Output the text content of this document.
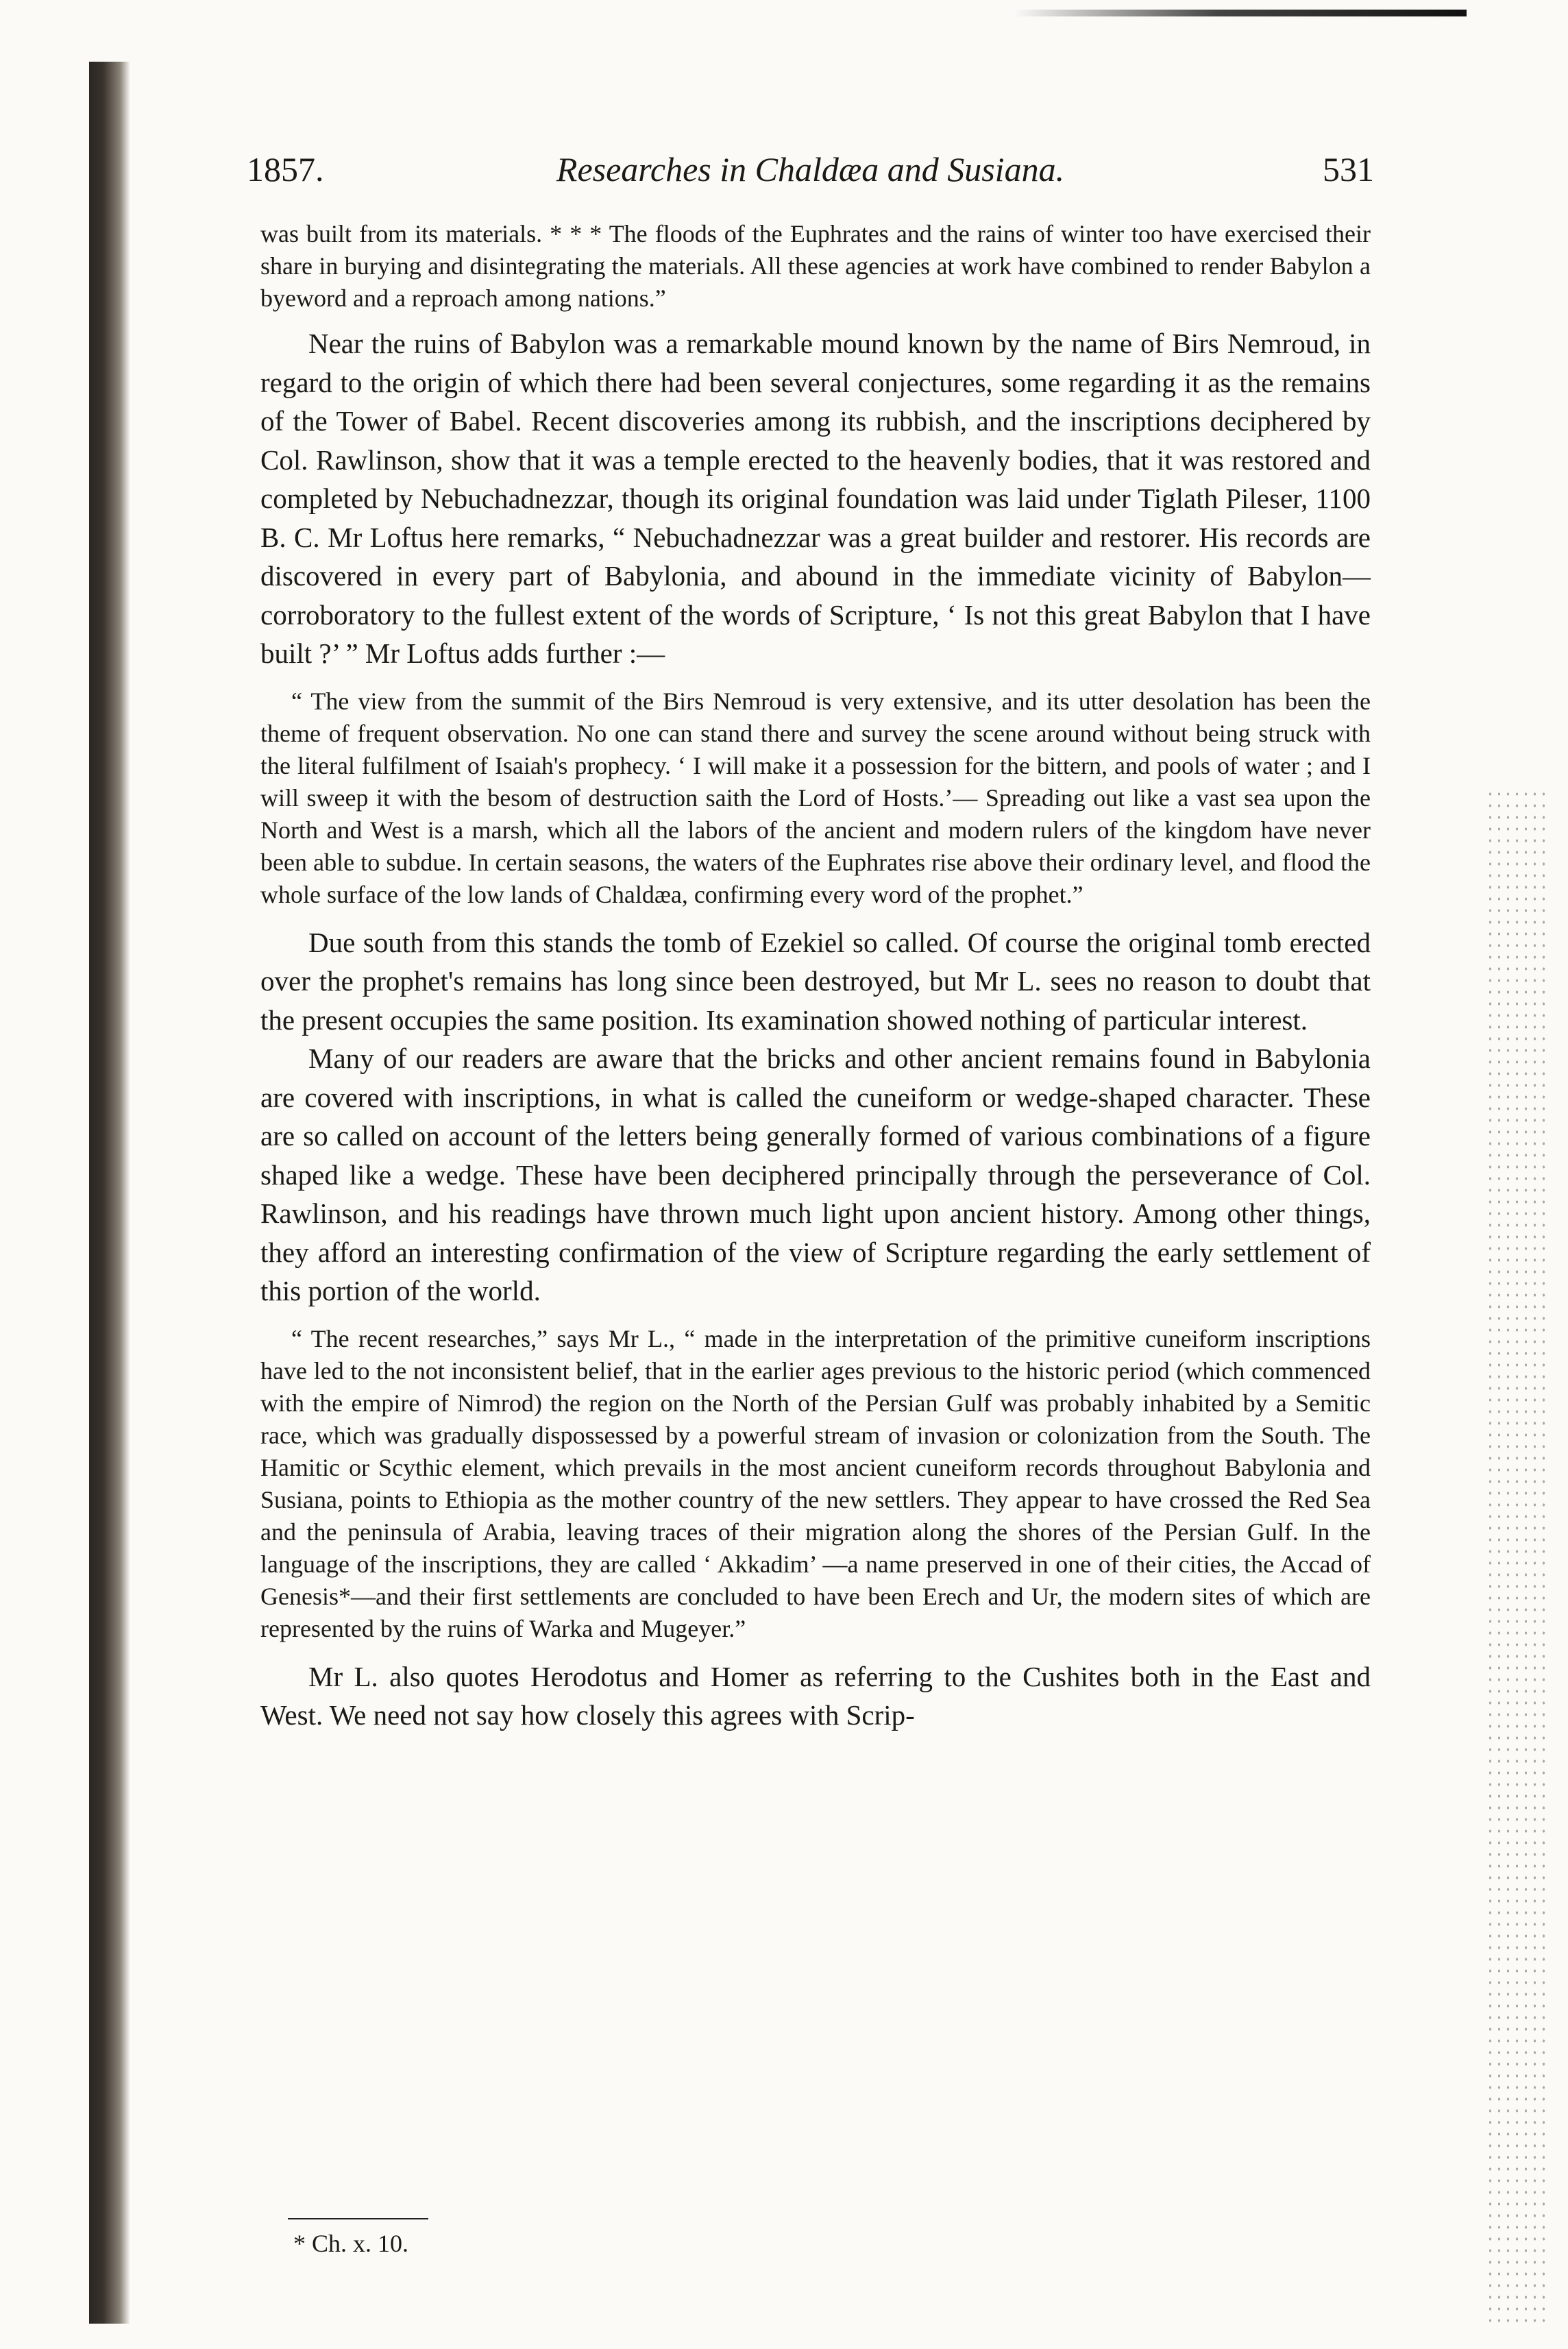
1857.	Researches in Chaldæa and Susiana.	531

was built from its materials. * * * The floods of the Euphrates and the rains of winter too have exercised their share in burying and disintegrating the materials. All these agencies at work have combined to render Babylon a byeword and a reproach among nations.”

Near the ruins of Babylon was a remarkable mound known by the name of Birs Nemroud, in regard to the origin of which there had been several conjectures, some regarding it as the remains of the Tower of Babel. Recent discoveries among its rubbish, and the inscriptions deciphered by Col. Rawlinson, show that it was a temple erected to the heavenly bodies, that it was restored and completed by Nebuchadnezzar, though its original foundation was laid under Tiglath Pileser, 1100 B. C. Mr Loftus here remarks, “ Nebuchadnezzar was a great builder and restorer. His records are discovered in every part of Babylonia, and abound in the immediate vicinity of Babylon—corroboratory to the fullest extent of the words of Scripture, ‘ Is not this great Babylon that I have built ?’ ” Mr Loftus adds further :—

“ The view from the summit of the Birs Nemroud is very extensive, and its utter desolation has been the theme of frequent observation. No one can stand there and survey the scene around without being struck with the literal fulfilment of Isaiah's prophecy. ‘ I will make it a possession for the bittern, and pools of water ; and I will sweep it with the besom of destruction saith the Lord of Hosts.’— Spreading out like a vast sea upon the North and West is a marsh, which all the labors of the ancient and modern rulers of the kingdom have never been able to subdue. In certain seasons, the waters of the Euphrates rise above their ordinary level, and flood the whole surface of the low lands of Chaldæa, confirming every word of the prophet.”

Due south from this stands the tomb of Ezekiel so called. Of course the original tomb erected over the prophet's remains has long since been destroyed, but Mr L. sees no reason to doubt that the present occupies the same position. Its examination showed nothing of particular interest.

Many of our readers are aware that the bricks and other ancient remains found in Babylonia are covered with inscriptions, in what is called the cuneiform or wedge-shaped character. These are so called on account of the letters being generally formed of various combinations of a figure shaped like a wedge. These have been deciphered principally through the perseverance of Col. Rawlinson, and his readings have thrown much light upon ancient history. Among other things, they afford an interesting confirmation of the view of Scripture regarding the early settlement of this portion of the world.

“ The recent researches,” says Mr L., “ made in the interpretation of the primitive cuneiform inscriptions have led to the not inconsistent belief, that in the earlier ages previous to the historic period (which commenced with the empire of Nimrod) the region on the North of the Persian Gulf was probably inhabited by a Semitic race, which was gradually dispossessed by a powerful stream of invasion or colonization from the South. The Hamitic or Scythic element, which prevails in the most ancient cuneiform records throughout Babylonia and Susiana, points to Ethiopia as the mother country of the new settlers. They appear to have crossed the Red Sea and the peninsula of Arabia, leaving traces of their migration along the shores of the Persian Gulf. In the language of the inscriptions, they are called ‘ Akkadim’ —a name preserved in one of their cities, the Accad of Genesis*—and their first settlements are concluded to have been Erech and Ur, the modern sites of which are represented by the ruins of Warka and Mugeyer.”

Mr L. also quotes Herodotus and Homer as referring to the Cushites both in the East and West. We need not say how closely this agrees with Scrip-

* Ch. x. 10.
